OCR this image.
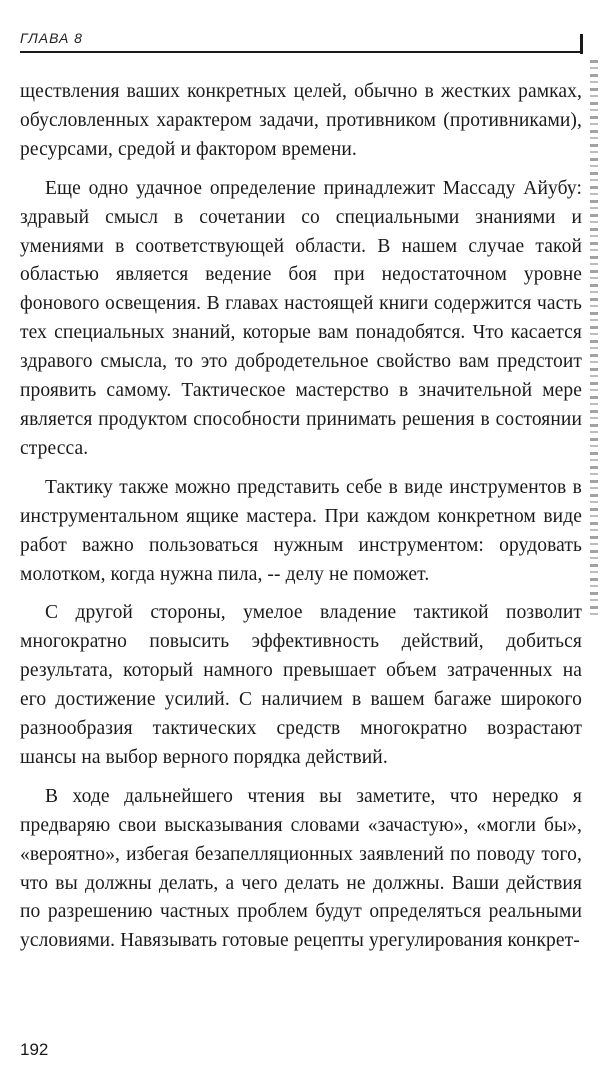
ГЛАВА 8

ществления ваших конкретных целей, обычно в жестких рамках, обусловленных характером задачи, противником (противниками), ресурсами, средой и фактором времени.

Еще одно удачное определение принадлежит Массаду Айубу: здравый смысл в сочетании со специальными знаниями и умениями в соответствующей области. В нашем случае такой областью является ведение боя при недостаточном уровне фонового освещения. В главах настоящей книги содержится часть тех специальных знаний, которые вам понадобятся. Что касается здравого смысла, то это добродетельное свойство вам предстоит проявить самому. Тактическое мастерство в значительной мере является продуктом способности принимать решения в состоянии стресса.

Тактику также можно представить себе в виде инструментов в инструментальном ящике мастера. При каждом конкретном виде работ важно пользоваться нужным инструментом: орудовать молотком, когда нужна пила, -- делу не поможет.

С другой стороны, умелое владение тактикой позволит многократно повысить эффективность действий, добиться результата, который намного превышает объем затраченных на его достижение усилий. С наличием в вашем багаже широкого разнообразия тактических средств многократно возрастают шансы на выбор верного порядка действий.

В ходе дальнейшего чтения вы заметите, что нередко я предваряю свои высказывания словами «зачастую», «могли бы», «вероятно», избегая безапелляционных заявлений по поводу того, что вы должны делать, а чего делать не должны. Ваши действия по разрешению частных проблем будут определяться реальными условиями. Навязывать готовые рецепты урегулирования конкрет-

192
